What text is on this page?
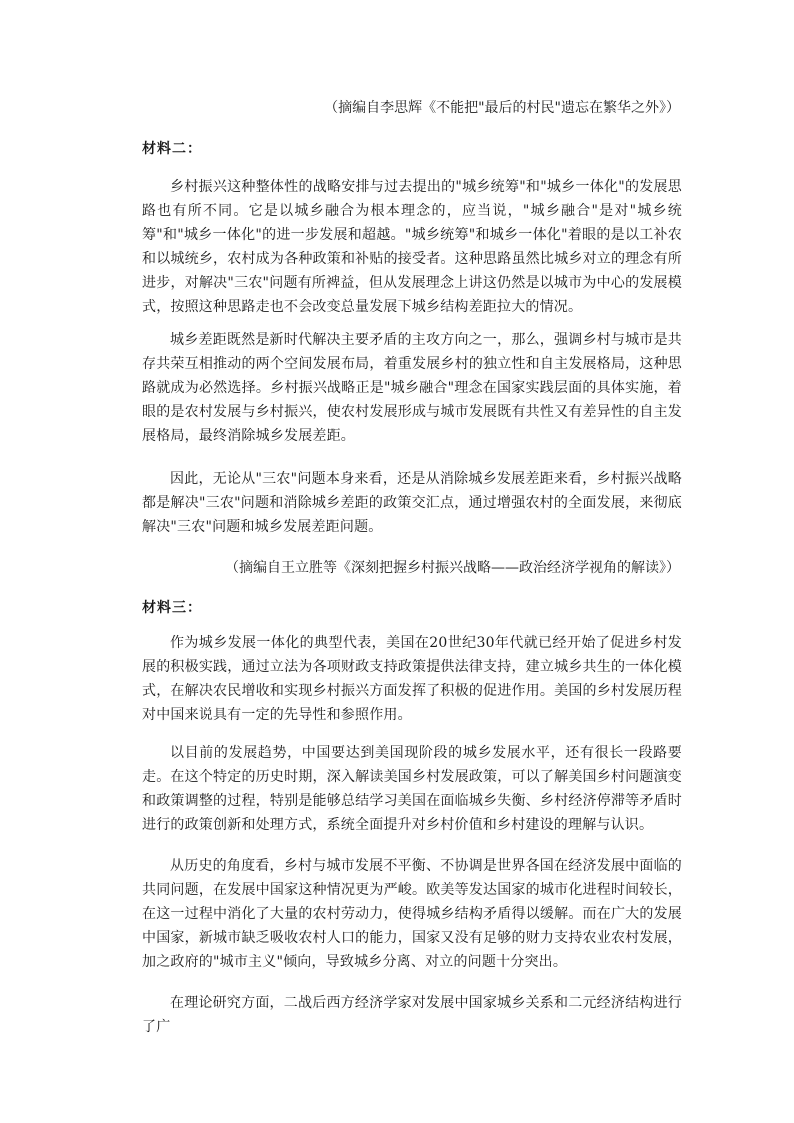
（摘编自李思辉《不能把"最后的村民"遗忘在繁华之外》）
材料二：

乡村振兴这种整体性的战略安排与过去提出的"城乡统筹"和"城乡一体化"的发展思路也有所不同。它是以城乡融合为根本理念的，应当说，"城乡融合"是对"城乡统筹"和"城乡一体化"的进一步发展和超越。"城乡统筹"和城乡一体化"着眼的是以工补农和以城统乡，农村成为各种政策和补贴的接受者。这种思路虽然比城乡对立的理念有所进步，对解决"三农"问题有所裨益，但从发展理念上讲这仍然是以城市为中心的发展模式，按照这种思路走也不会改变总量发展下城乡结构差距拉大的情况。

城乡差距既然是新时代解决主要矛盾的主攻方向之一，那么，强调乡村与城市是共存共荣互相推动的两个空间发展布局，着重发展乡村的独立性和自主发展格局，这种思路就成为必然选择。乡村振兴战略正是"城乡融合"理念在国家实践层面的具体实施，着眼的是农村发展与乡村振兴，使农村发展形成与城市发展既有共性又有差异性的自主发展格局，最终消除城乡发展差距。

因此，无论从"三农"问题本身来看，还是从消除城乡发展差距来看，乡村振兴战略都是解决"三农"问题和消除城乡差距的政策交汇点，通过增强农村的全面发展，来彻底解决"三农"问题和城乡发展差距问题。

（摘编自王立胜等《深刻把握乡村振兴战略——政治经济学视角的解读》）
材料三：

作为城乡发展一体化的典型代表，美国在20世纪30年代就已经开始了促进乡村发展的积极实践，通过立法为各项财政支持政策提供法律支持，建立城乡共生的一体化模式，在解决农民增收和实现乡村振兴方面发挥了积极的促进作用。美国的乡村发展历程对中国来说具有一定的先导性和参照作用。

以目前的发展趋势，中国要达到美国现阶段的城乡发展水平，还有很长一段路要走。在这个特定的历史时期，深入解读美国乡村发展政策，可以了解美国乡村问题演变和政策调整的过程，特别是能够总结学习美国在面临城乡失衡、乡村经济停滞等矛盾时进行的政策创新和处理方式，系统全面提升对乡村价值和乡村建设的理解与认识。

从历史的角度看，乡村与城市发展不平衡、不协调是世界各国在经济发展中面临的共同问题，在发展中国家这种情况更为严峻。欧美等发达国家的城市化进程时间较长，在这一过程中消化了大量的农村劳动力，使得城乡结构矛盾得以缓解。而在广大的发展中国家，新城市缺乏吸收农村人口的能力，国家又没有足够的财力支持农业农村发展，加之政府的"城市主义"倾向，导致城乡分离、对立的问题十分突出。

在理论研究方面，二战后西方经济学家对发展中国家城乡关系和二元经济结构进行了广
